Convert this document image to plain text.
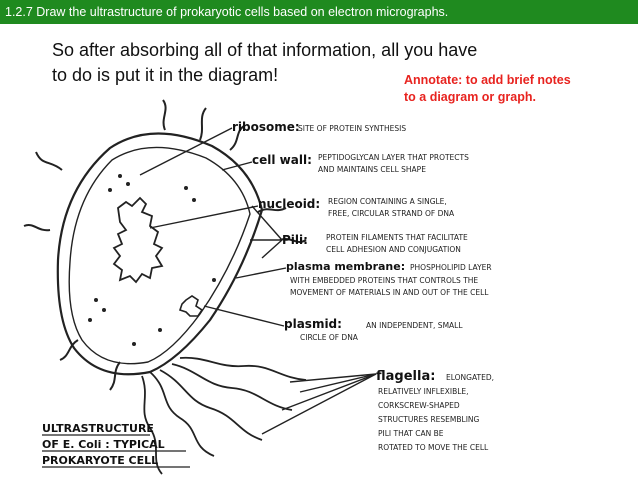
1.2.7 Draw the ultrastructure of prokaryotic cells based on electron micrographs.
So after absorbing all of that information, all you have
to do is put it in the diagram!	Annotate: to add brief notes
to a diagram or graph.
ribosome:
SITE OF PROTEIN SYNTHESIS
cell wall: PEPTIDOGLYCAN LAYER THAT PROTECTS
AND MAINTAINS CELL SHAPE
nucleoid: REGION CONTAINING A SINGLE,
FREE, CIRCULAR STRAND OF DNA
Pili: PROTEIN FILAMENTS THAT FACILITATE
CELL ADHESION AND CONJUGATION
plasma membrane: PHOSPHOLIPID LAYER
WITH EMBEDDED PROTEINS THAT CONTROLS THE
MOVEMENT OF MATERIALS IN AND OUT OF THE CELL
plasmid:	AN INDEPENDENT, SMALL
CIRCLE OF DNA
flagella: ELONGATED,
RELATIVELY INFLEXIBLE,
CORKSCREW-SHAPED
STRUCTURES RESEMBLING
PILI THAT CAN BE
ROTATED TO MOVE THE CELL
ULTRASTRUCTURE
OF E. Coli : TYPICAL
PROKARYOTE CELL
